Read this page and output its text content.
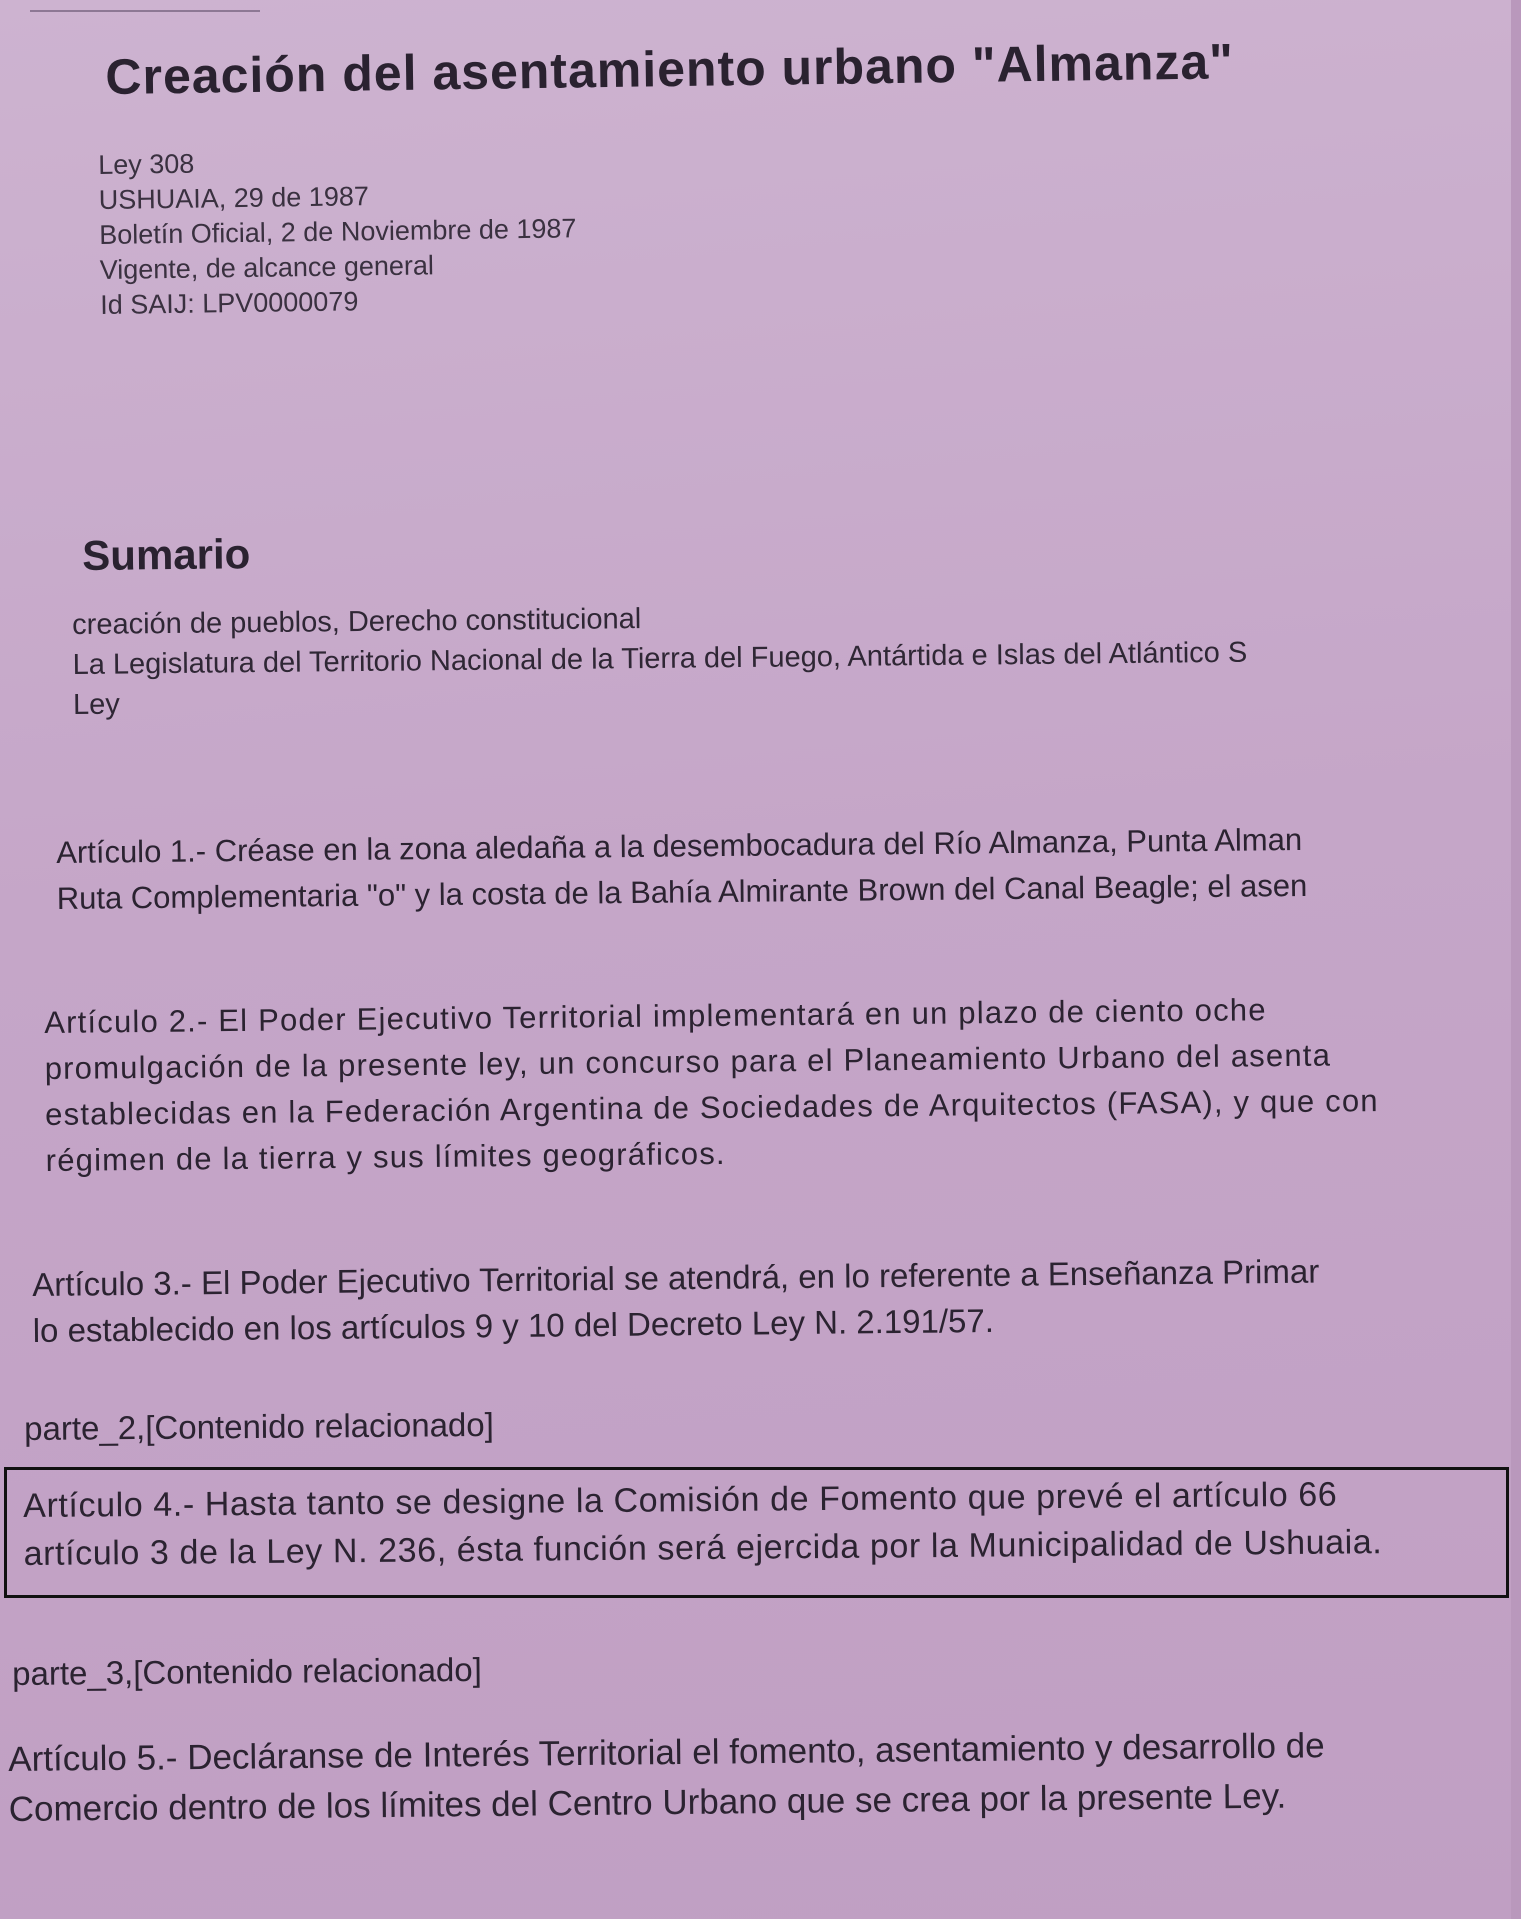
Creación del asentamiento urbano "Almanza"
Ley 308
USHUAIA, 29 de 1987
Boletín Oficial, 2 de Noviembre de 1987
Vigente, de alcance general
Id SAIJ: LPV0000079
Sumario
creación de pueblos, Derecho constitucional
La Legislatura del Territorio Nacional de la Tierra del Fuego, Antártida e Islas del Atlántico S
Ley
Artículo 1.- Créase en la zona aledaña a la desembocadura del Río Almanza, Punta Alman
Ruta Complementaria "o" y la costa de la Bahía Almirante Brown del Canal Beagle; el asen
Artículo 2.- El Poder Ejecutivo Territorial implementará en un plazo de ciento oche
promulgación de la presente ley, un concurso para el Planeamiento Urbano del asenta
establecidas en la Federación Argentina de Sociedades de Arquitectos (FASA), y que con
régimen de la tierra y sus límites geográficos.
Artículo 3.- El Poder Ejecutivo Territorial se atendrá, en lo referente a Enseñanza Primar
lo establecido en los artículos 9 y 10 del Decreto Ley N. 2.191/57.
parte_2,[Contenido relacionado]
Artículo 4.- Hasta tanto se designe la Comisión de Fomento que prevé el artículo 66
artículo 3 de la Ley N. 236, ésta función será ejercida por la Municipalidad de Ushuaia.
parte_3,[Contenido relacionado]
Artículo 5.- Decláranse de Interés Territorial el fomento, asentamiento y desarrollo de
Comercio dentro de los límites del Centro Urbano que se crea por la presente Ley.
